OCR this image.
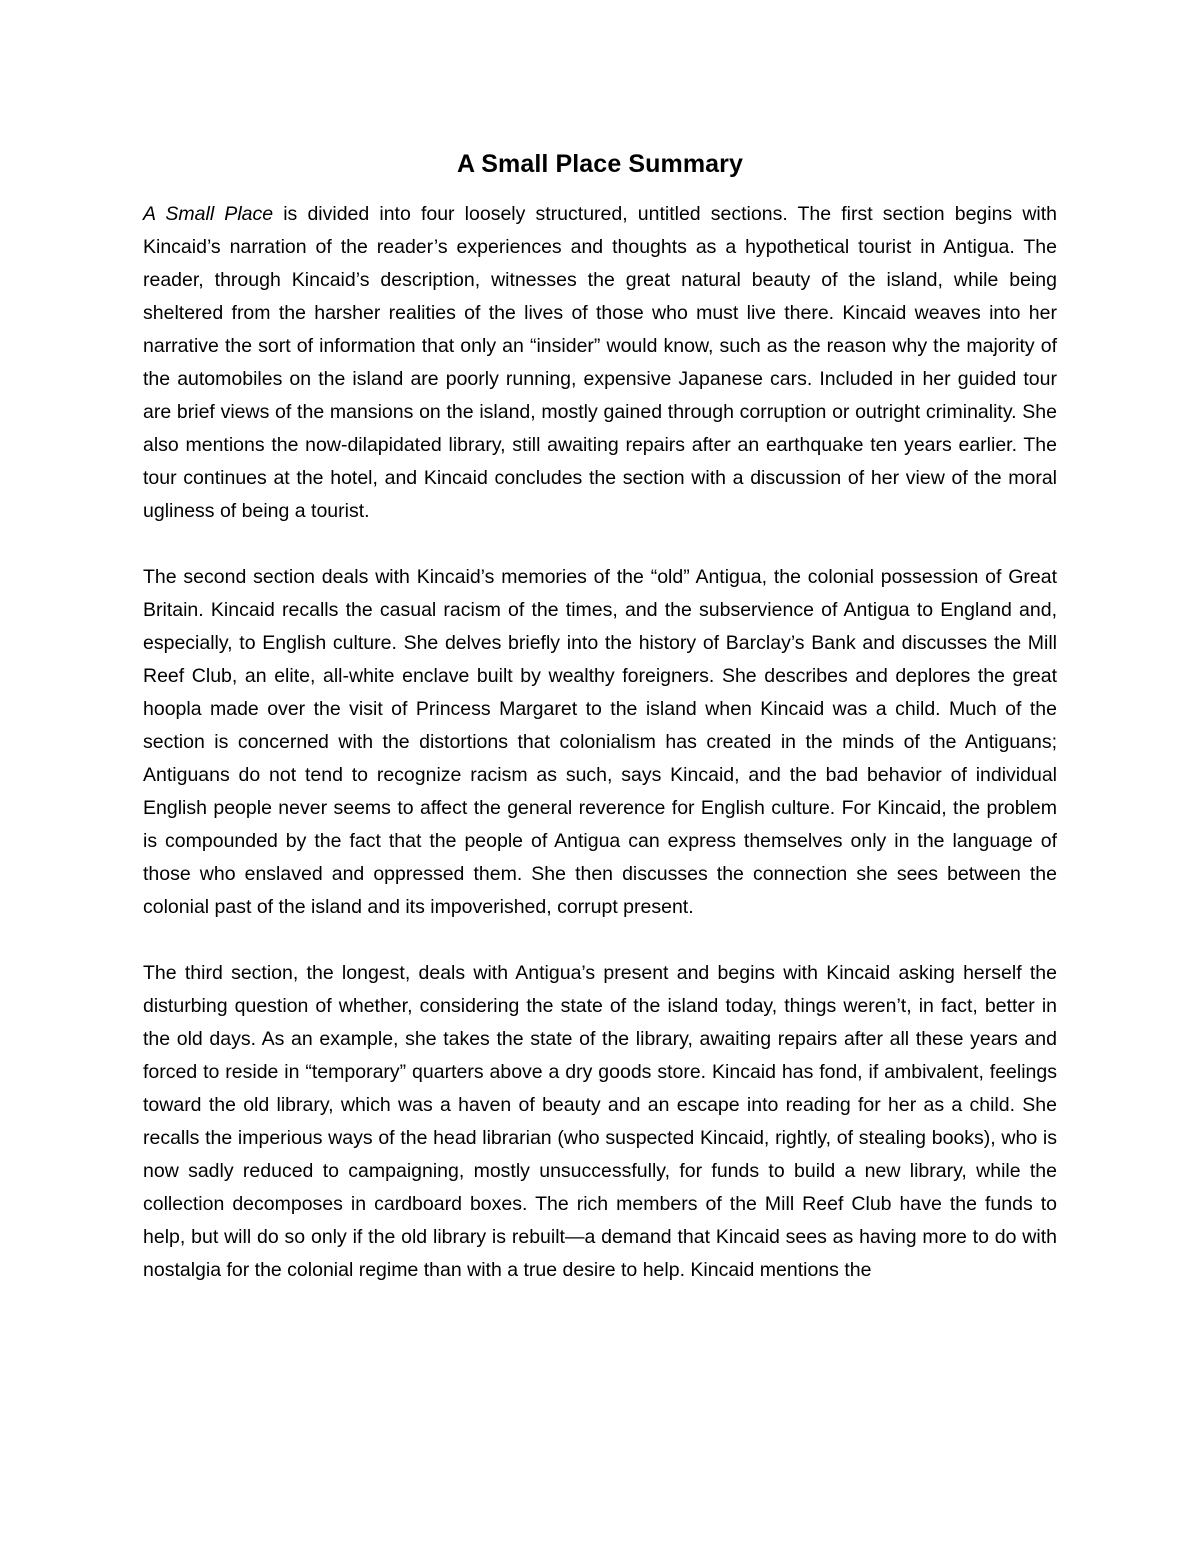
A Small Place Summary

A Small Place is divided into four loosely structured, untitled sections. The first section begins with Kincaid’s narration of the reader’s experiences and thoughts as a hypothetical tourist in Antigua. The reader, through Kincaid’s description, witnesses the great natural beauty of the island, while being sheltered from the harsher realities of the lives of those who must live there. Kincaid weaves into her narrative the sort of information that only an “insider” would know, such as the reason why the majority of the automobiles on the island are poorly running, expensive Japanese cars. Included in her guided tour are brief views of the mansions on the island, mostly gained through corruption or outright criminality. She also mentions the now-dilapidated library, still awaiting repairs after an earthquake ten years earlier. The tour continues at the hotel, and Kincaid concludes the section with a discussion of her view of the moral ugliness of being a tourist.

The second section deals with Kincaid’s memories of the “old” Antigua, the colonial possession of Great Britain. Kincaid recalls the casual racism of the times, and the subservience of Antigua to England and, especially, to English culture. She delves briefly into the history of Barclay’s Bank and discusses the Mill Reef Club, an elite, all-white enclave built by wealthy foreigners. She describes and deplores the great hoopla made over the visit of Princess Margaret to the island when Kincaid was a child. Much of the section is concerned with the distortions that colonialism has created in the minds of the Antiguans; Antiguans do not tend to recognize racism as such, says Kincaid, and the bad behavior of individual English people never seems to affect the general reverence for English culture. For Kincaid, the problem is compounded by the fact that the people of Antigua can express themselves only in the language of those who enslaved and oppressed them. She then discusses the connection she sees between the colonial past of the island and its impoverished, corrupt present.

The third section, the longest, deals with Antigua’s present and begins with Kincaid asking herself the disturbing question of whether, considering the state of the island today, things weren’t, in fact, better in the old days. As an example, she takes the state of the library, awaiting repairs after all these years and forced to reside in “temporary” quarters above a dry goods store. Kincaid has fond, if ambivalent, feelings toward the old library, which was a haven of beauty and an escape into reading for her as a child. She recalls the imperious ways of the head librarian (who suspected Kincaid, rightly, of stealing books), who is now sadly reduced to campaigning, mostly unsuccessfully, for funds to build a new library, while the collection decomposes in cardboard boxes. The rich members of the Mill Reef Club have the funds to help, but will do so only if the old library is rebuilt—a demand that Kincaid sees as having more to do with nostalgia for the colonial regime than with a true desire to help. Kincaid mentions the
